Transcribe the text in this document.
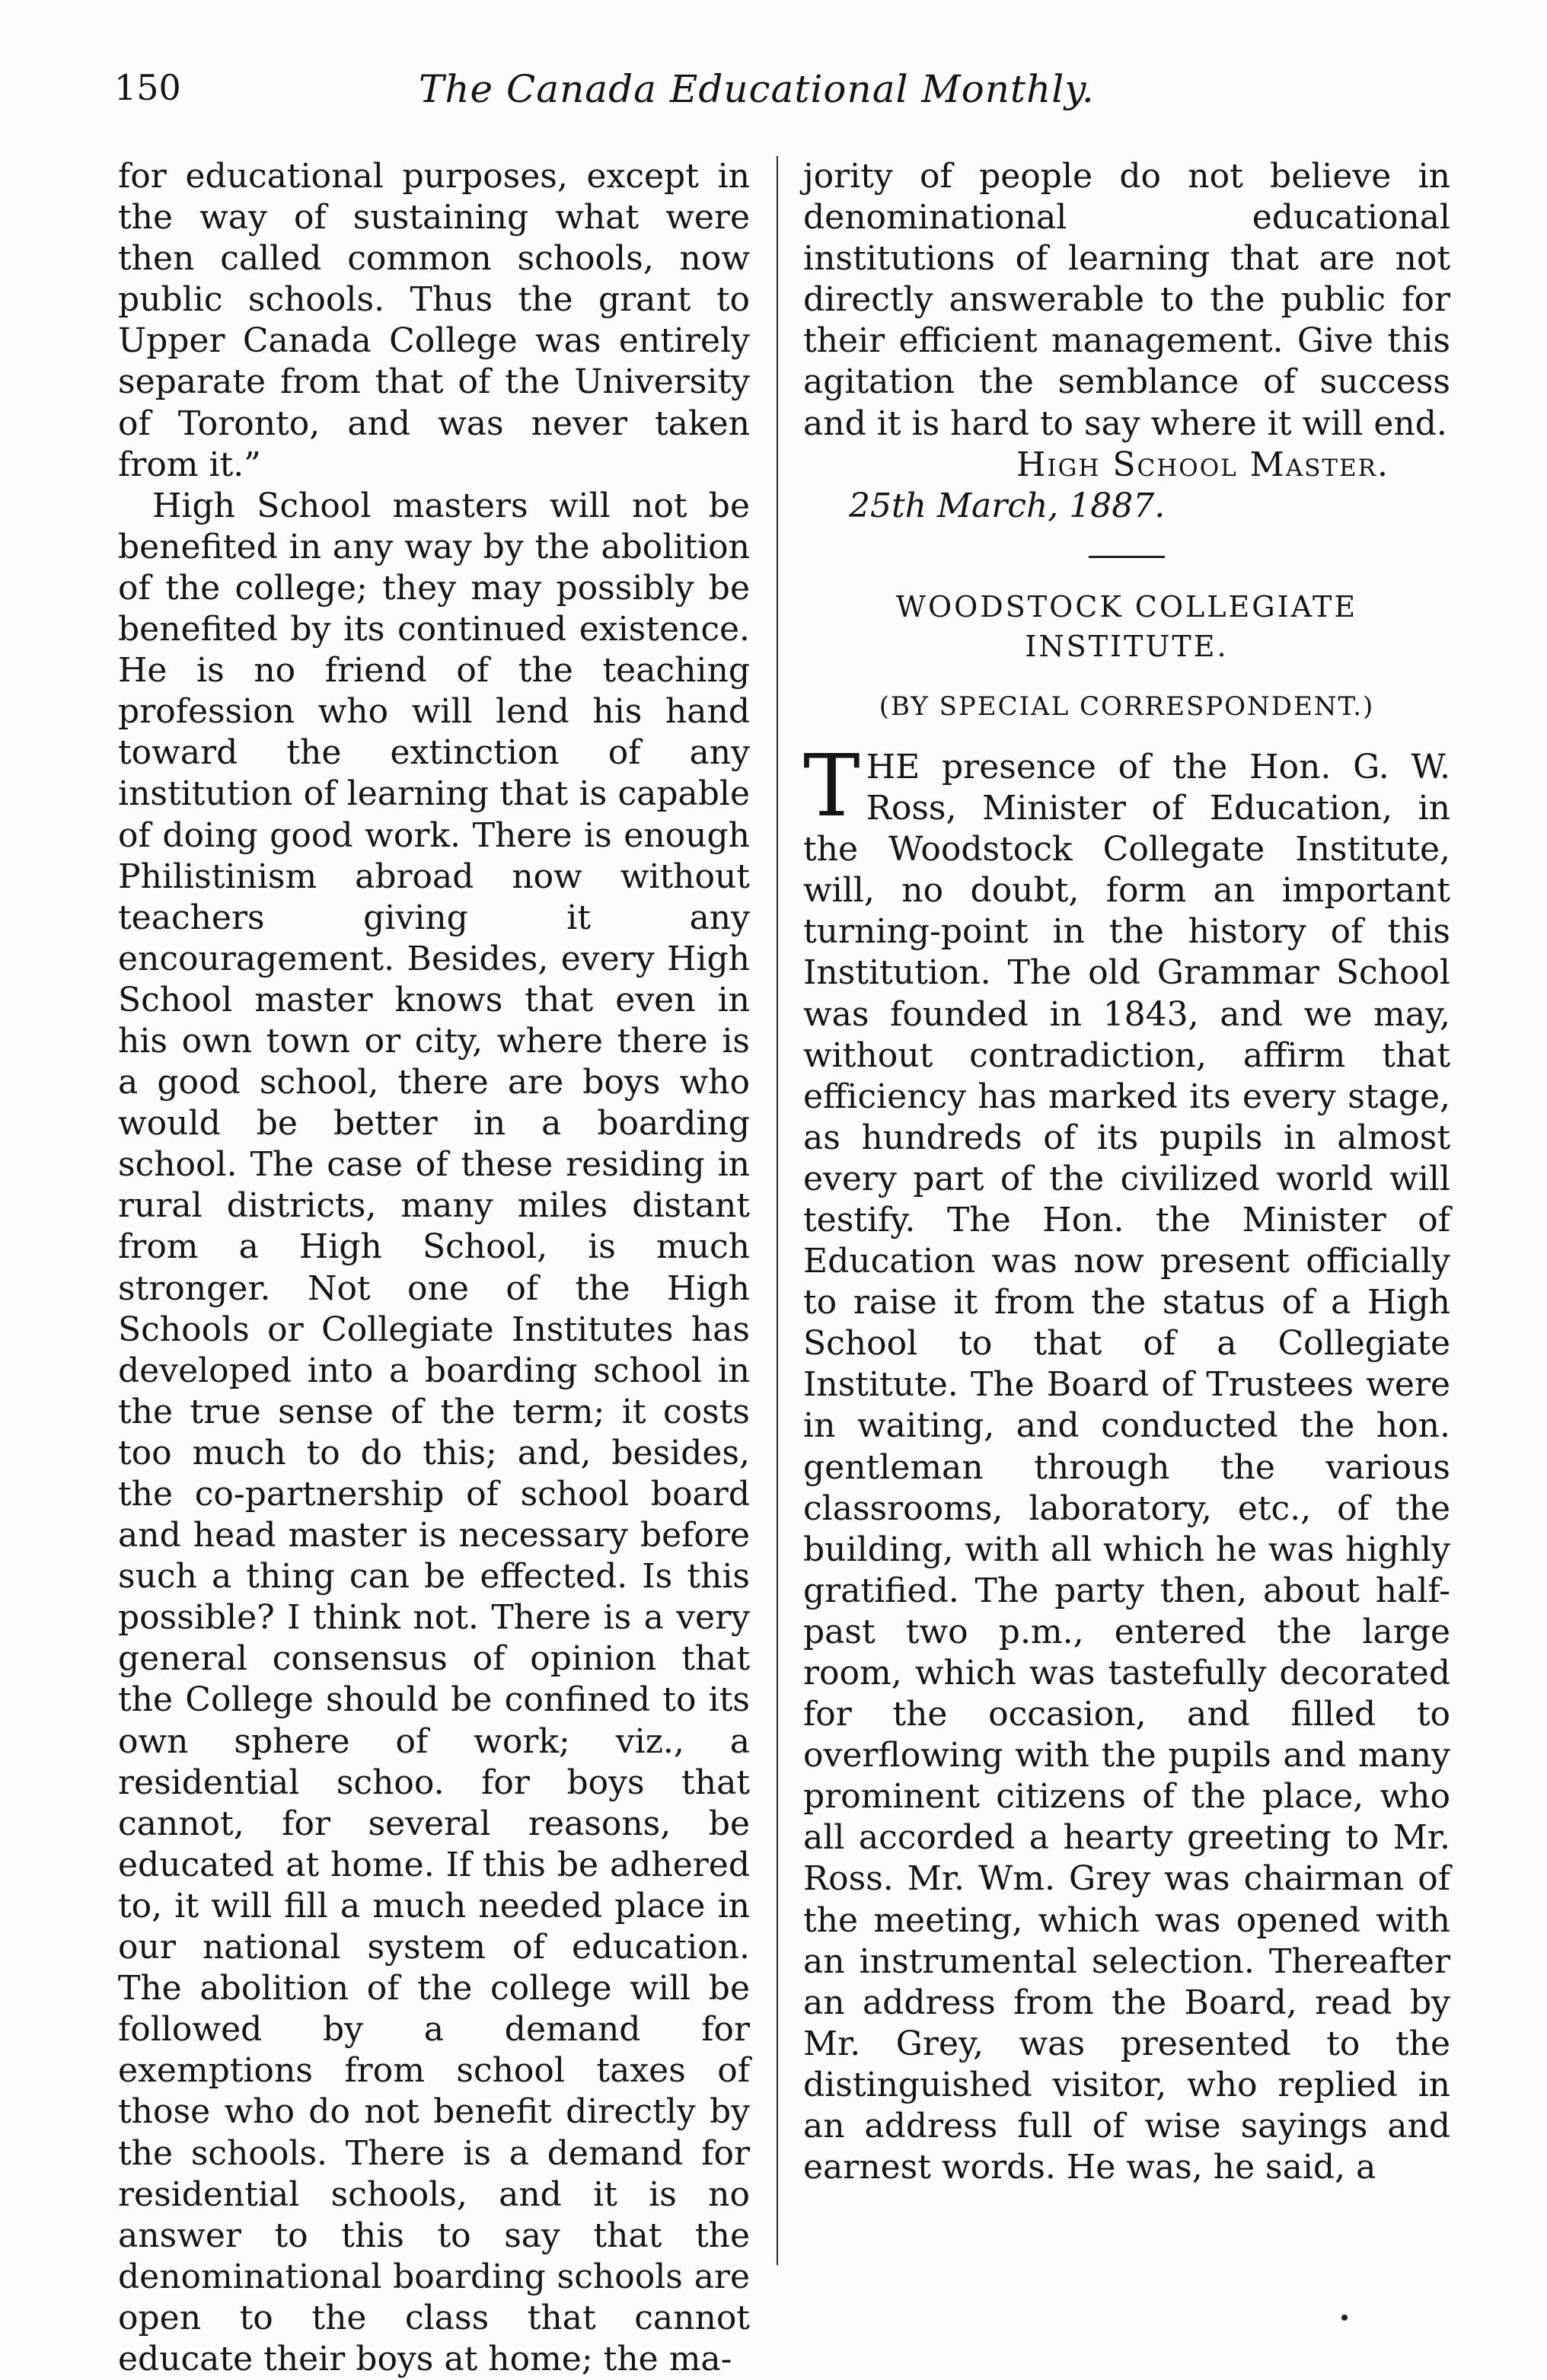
150	The Canada Educational Monthly.

for educational purposes, except in the way of sustaining what were then called common schools, now public schools. Thus the grant to Upper Canada College was entirely separate from that of the University of Toronto, and was never taken from it.”

High School masters will not be benefited in any way by the abolition of the college; they may possibly be benefited by its continued existence. He is no friend of the teaching profession who will lend his hand toward the extinction of any institution of learning that is capable of doing good work. There is enough Philistinism abroad now without teachers giving it any encouragement. Besides, every High School master knows that even in his own town or city, where there is a good school, there are boys who would be better in a boarding school. The case of these residing in rural districts, many miles distant from a High School, is much stronger. Not one of the High Schools or Collegiate Institutes has developed into a boarding school in the true sense of the term; it costs too much to do this; and, besides, the co-partnership of school board and head master is necessary before such a thing can be effected. Is this possible? I think not. There is a very general consensus of opinion that the College should be confined to its own sphere of work; viz., a residential schoo. for boys that cannot, for several reasons, be educated at home. If this be adhered to, it will fill a much needed place in our national system of education. The abolition of the college will be followed by a demand for exemptions from school taxes of those who do not benefit directly by the schools. There is a demand for residential schools, and it is no answer to this to say that the denominational boarding schools are open to the class that cannot educate their boys at home; the ma-

jority of people do not believe in denominational educational institutions of learning that are not directly answerable to the public for their efficient management. Give this agitation the semblance of success and it is hard to say where it will end.

High School Master.

25th March, 1887.

WOODSTOCK COLLEGIATE
INSTITUTE.
(BY SPECIAL CORRESPONDENT.)

THE presence of the Hon. G. W. Ross, Minister of Education, in the Woodstock Collegate Institute, will, no doubt, form an important turning-point in the history of this Institution. The old Grammar School was founded in 1843, and we may, without contradiction, affirm that efficiency has marked its every stage, as hundreds of its pupils in almost every part of the civilized world will testify. The Hon. the Minister of Education was now present officially to raise it from the status of a High School to that of a Collegiate Institute. The Board of Trustees were in waiting, and conducted the hon. gentleman through the various classrooms, laboratory, etc., of the building, with all which he was highly gratified. The party then, about half-past two p.m., entered the large room, which was tastefully decorated for the occasion, and filled to overflowing with the pupils and many prominent citizens of the place, who all accorded a hearty greeting to Mr. Ross. Mr. Wm. Grey was chairman of the meeting, which was opened with an instrumental selection. Thereafter an address from the Board, read by Mr. Grey, was presented to the distinguished visitor, who replied in an address full of wise sayings and earnest words. He was, he said, a
